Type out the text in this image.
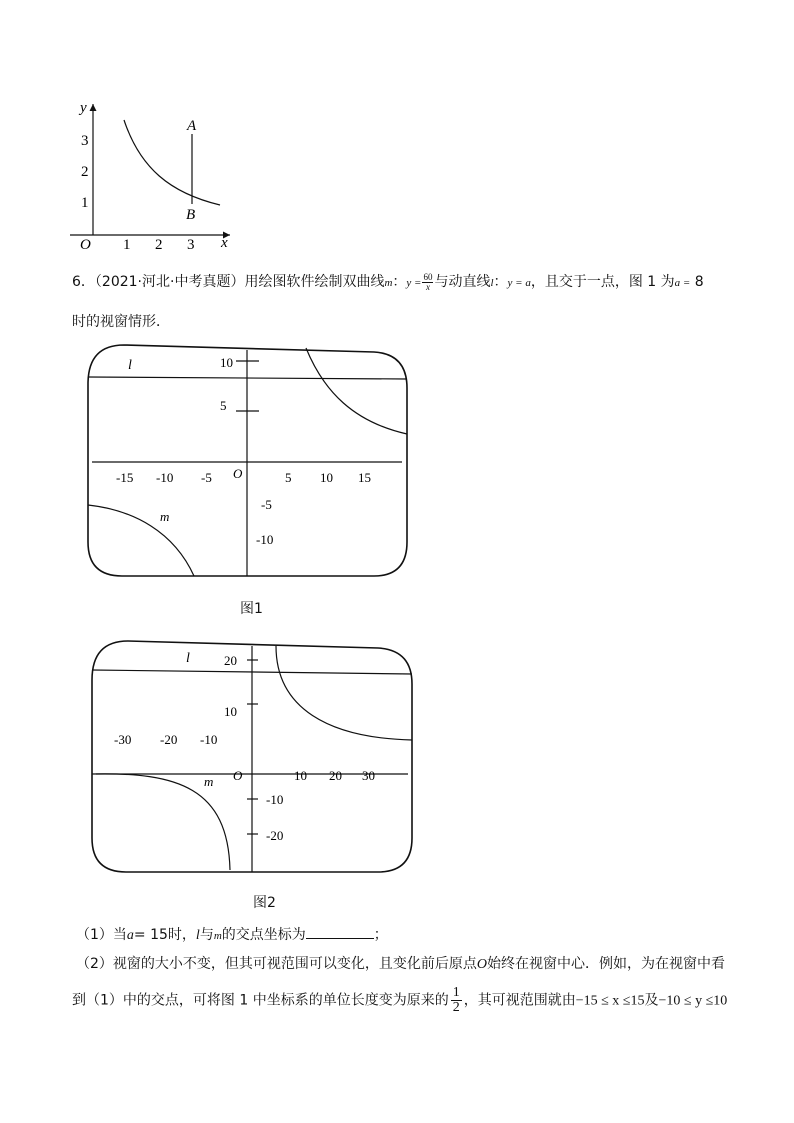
y
x
O
3
2
1
1 2 3
A
B
6．（2021·河北·中考真题）用绘图软件绘制双曲线m：$y = \frac{60}{x}$ 与动直线l：y = a，且交于一点，图 1 为a = 8
时的视窗情形．
l	10
5
-5
-10
-15 -10 -5	5 10 15
O
m
图1
l	20
10
-10
-20
-30 -20 -10
10 20 30
O
m
图2
（1）当a= 15时，l与m的交点坐标为	；
（2）视窗的大小不变，但其可视范围可以变化，且变化前后原点O始终在视窗中心．例如，为在视窗中看
到（1）中的交点，可将图 1 中坐标系的单位长度变为原来的 $\frac{1}{2}$ ，其可视范围就由−15 ≤ x ≤15及−10 ≤ y ≤10
